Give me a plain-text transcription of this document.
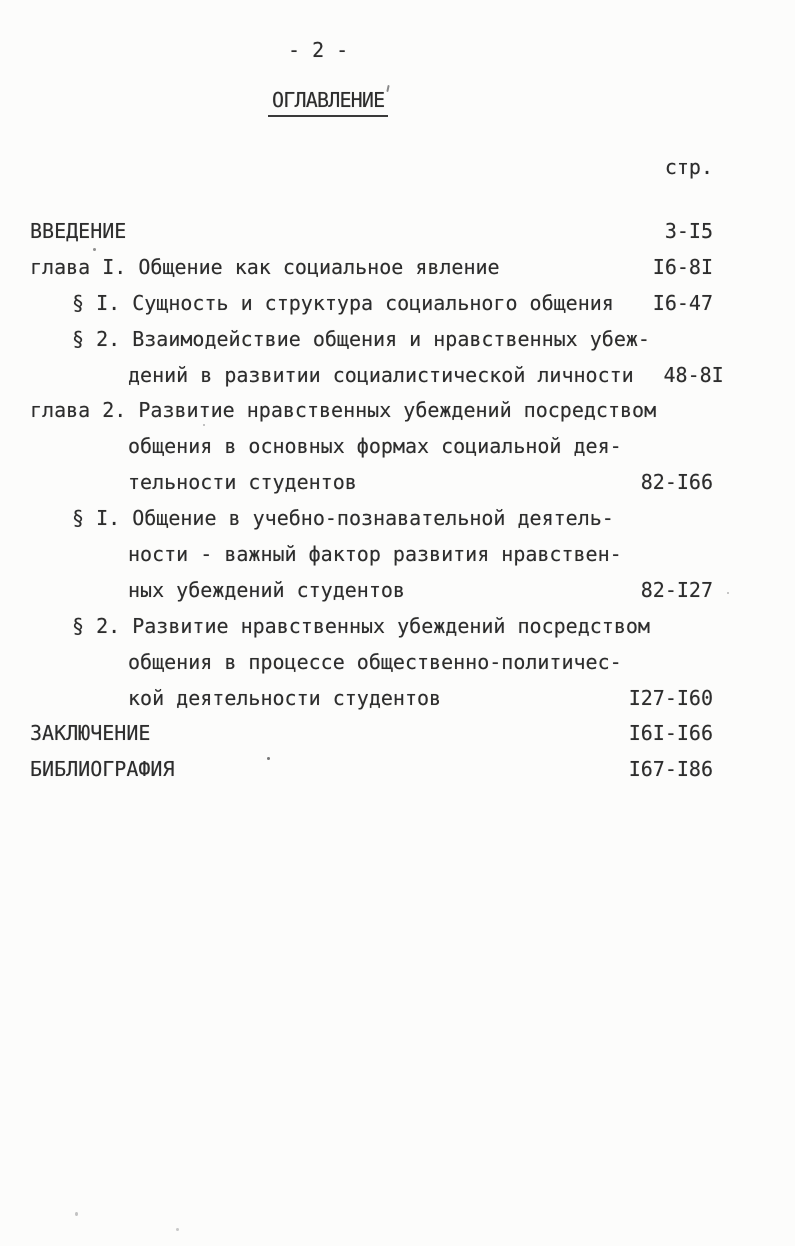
- 2 -
ОГЛАВЛЕНИЕ
стр.
ВВЕДЕНИЕ	3-I5
глава I. Общение как социальное явление	I6-8I
§ I. Сущность и структура социального общения	I6-47
§ 2. Взаимодействие общения и нравственных убеж-
дений в развитии социалистической личности	48-8I
глава 2. Развитие нравственных убеждений посредством
общения в основных формах социальной дея-
тельности студентов	82-I66
§ I. Общение в учебно-познавательной деятель-
ности - важный фактор развития нравствен-
ных убеждений студентов	82-I27
§ 2. Развитие нравственных убеждений посредством
общения в процессе общественно-политичес-
кой деятельности студентов	I27-I60
ЗАКЛЮЧЕНИЕ	I6I-I66
БИБЛИОГРАФИЯ	I67-I86
